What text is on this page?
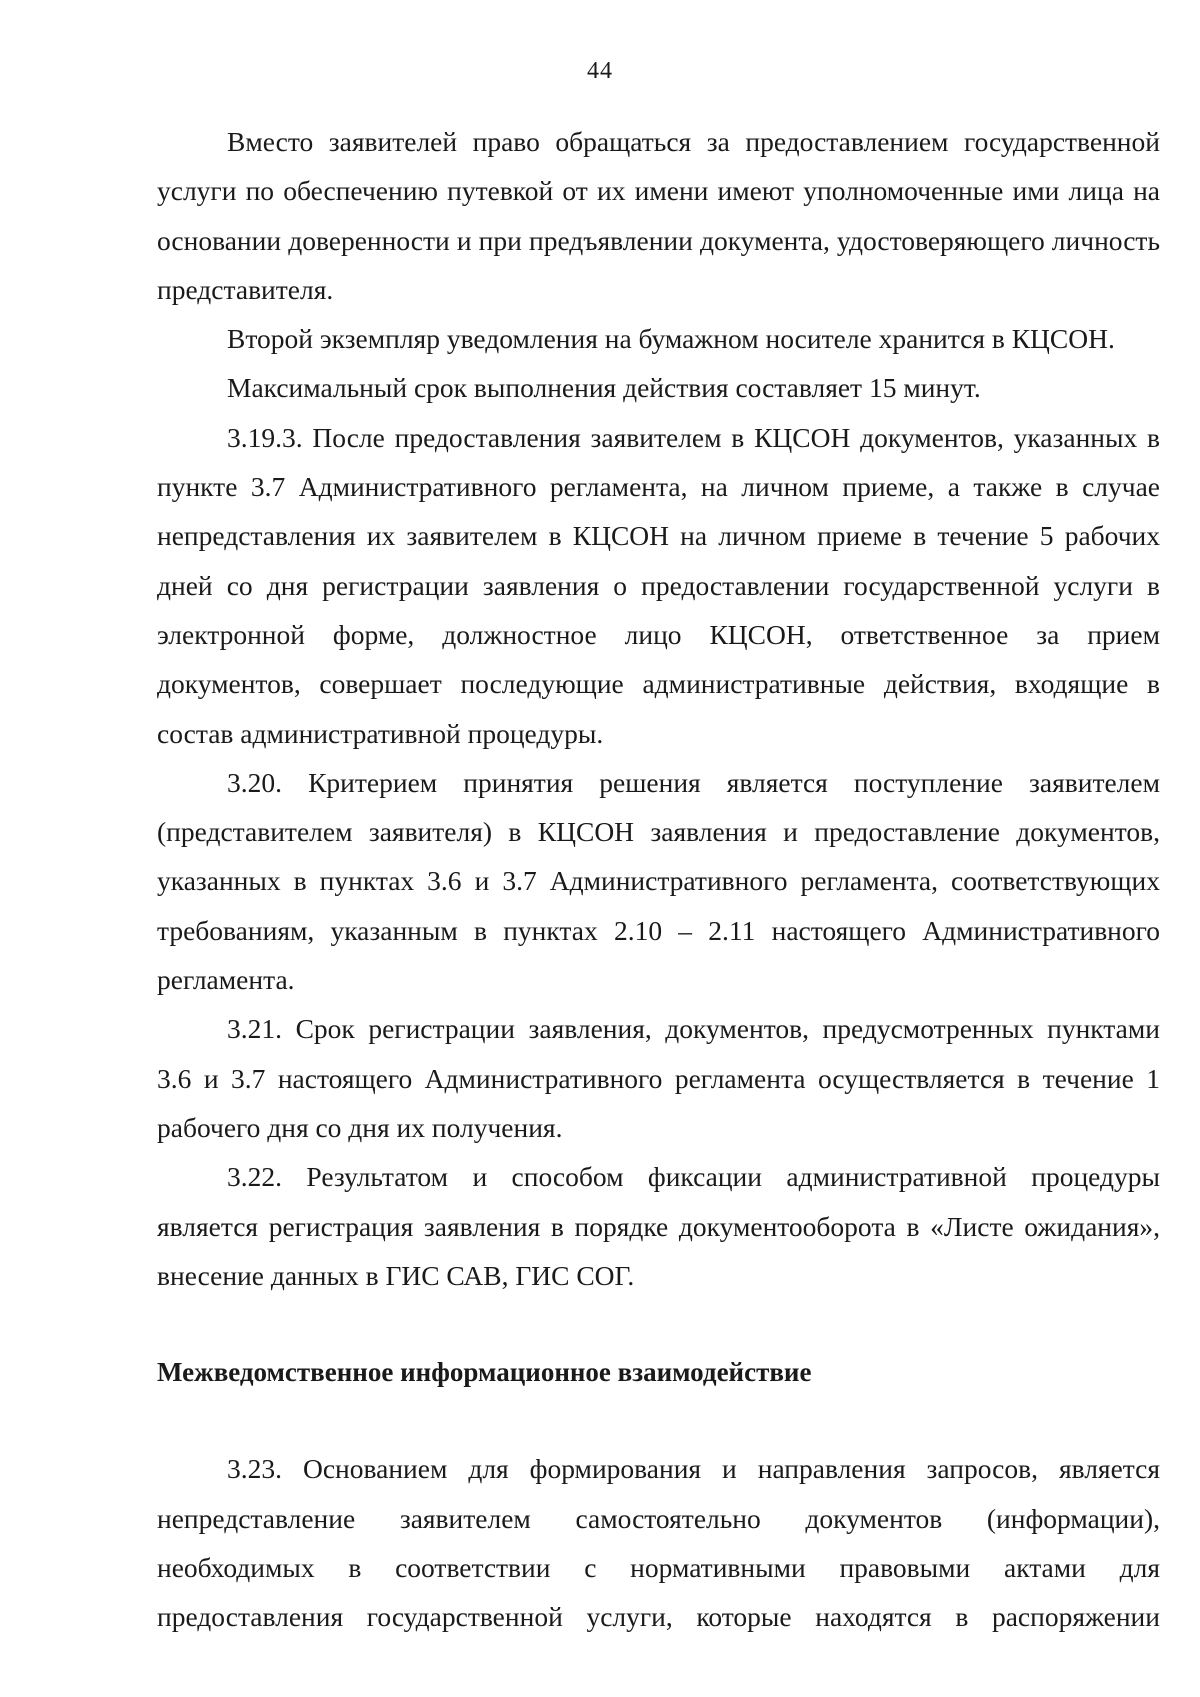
44

Вместо заявителей право обращаться за предоставлением государственной услуги по обеспечению путевкой от их имени имеют уполномоченные ими лица на основании доверенности и при предъявлении документа, удостоверяющего личность представителя.

Второй экземпляр уведомления на бумажном носителе хранится в КЦСОН.

Максимальный срок выполнения действия составляет 15 минут.

3.19.3. После предоставления заявителем в КЦСОН документов, указанных в пункте 3.7 Административного регламента, на личном приеме, а также в случае непредставления их заявителем в КЦСОН на личном приеме в течение 5 рабочих дней со дня регистрации заявления о предоставлении государственной услуги в электронной форме, должностное лицо КЦСОН, ответственное за прием документов, совершает последующие административные действия, входящие в состав административной процедуры.

3.20. Критерием принятия решения является поступление заявителем (представителем заявителя) в КЦСОН заявления и предоставление документов, указанных в пунктах 3.6 и 3.7 Административного регламента, соответствующих требованиям, указанным в пунктах 2.10 – 2.11 настоящего Административного регламента.

3.21. Срок регистрации заявления, документов, предусмотренных пунктами 3.6 и 3.7 настоящего Административного регламента осуществляется в течение 1 рабочего дня со дня их получения.

3.22. Результатом и способом фиксации административной процедуры является регистрация заявления в порядке документооборота в «Листе ожидания», внесение данных в ГИС САВ, ГИС СОГ.

Межведомственное информационное взаимодействие

3.23. Основанием для формирования и направления запросов, является непредставление заявителем самостоятельно документов (информации), необходимых в соответствии с нормативными правовыми актами для предоставления государственной услуги, которые находятся в распоряжении
